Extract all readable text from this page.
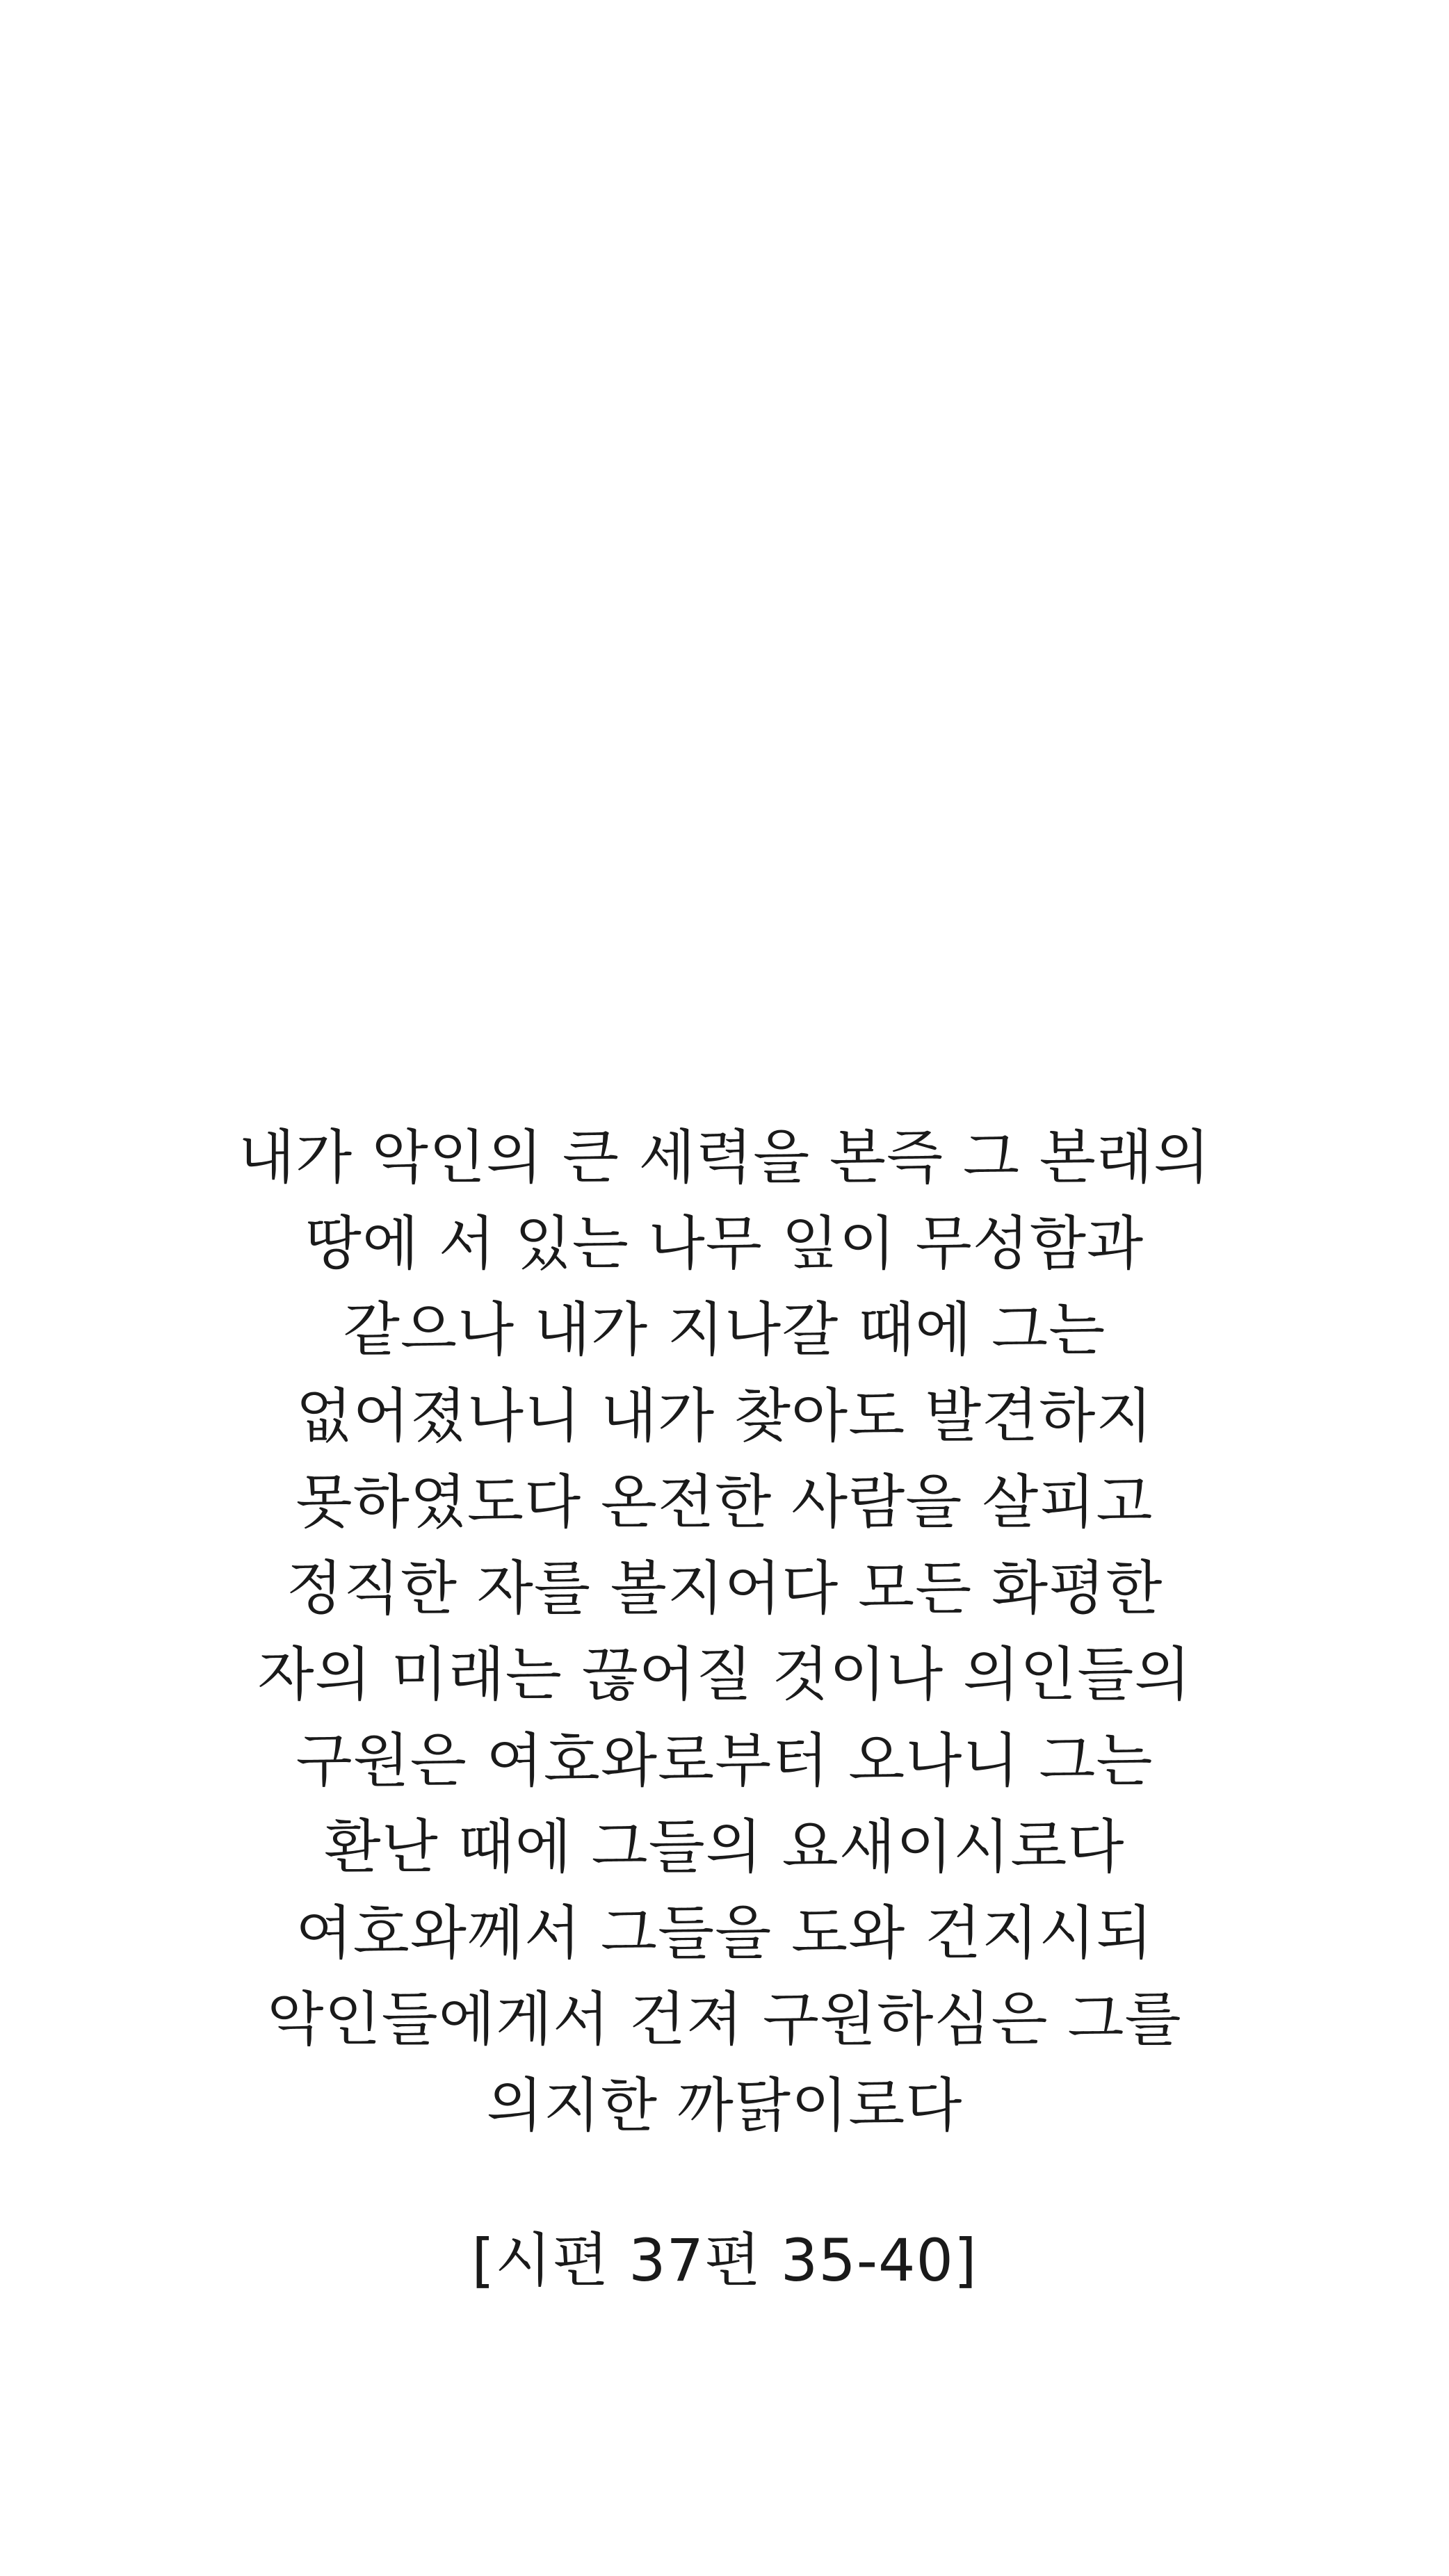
내가 악인의 큰 세력을 본즉 그 본래의
땅에 서 있는 나무 잎이 무성함과
같으나 내가 지나갈 때에 그는
없어졌나니 내가 찾아도 발견하지
못하였도다 온전한 사람을 살피고
정직한 자를 볼지어다 모든 화평한
자의 미래는 끊어질 것이나 의인들의
구원은 여호와로부터 오나니 그는
환난 때에 그들의 요새이시로다
여호와께서 그들을 도와 건지시되
악인들에게서 건져 구원하심은 그를
의지한 까닭이로다
[시편 37편 35-40]
